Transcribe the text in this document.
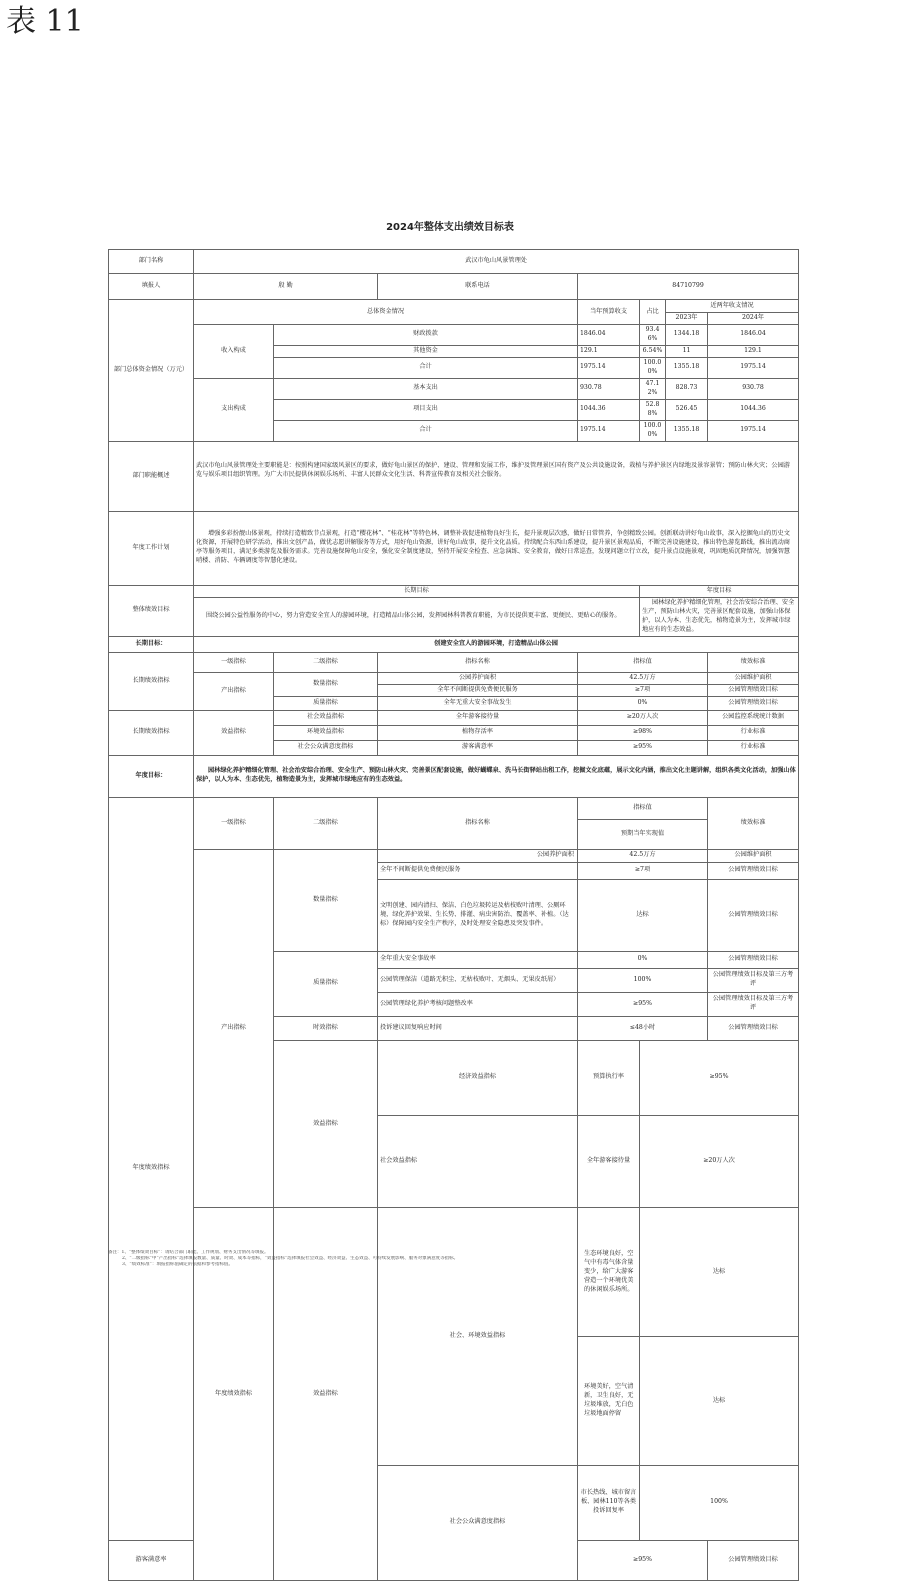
表 11
2024年整体支出绩效目标表
部门名称	武汉市龟山风景管理处							
填报人	殷 勤		联系电话	84710799				
部门总体资金情况（万元）	总体资金情况			当年预算收支	占比	近两年收支情况		
						2023年	2024年	
	收入构成	财政拨款		1846.04	93.46%	1344.18	1846.04	
		其他资金		129.1	6.54%	11	129.1	
		合计		1975.14	100.00%	1355.18	1975.14	
	支出构成	基本支出		930.78	47.12%	828.73	930.78	
		项目支出		1044.36	52.88%	526.45	1044.36	
		合计		1975.14	100.00%	1355.18	1975.14	
部门职能概述	武汉市龟山风景管理处主要职能是：按照构建国家级风景区的要求，做好龟山景区的保护、建设、管理和发展工作，维护及管理景区国有资产及公共设施设备，栽植与养护景区内绿地及景容景管；预防山林火灾；公园游览与娱乐项目组织管理。为广大市民提供休闲娱乐场所、丰富人民群众文化生活、科普宣传教育及相关社会服务。							
年度工作计划	增强多彩扮靓山体景观，持续打造精致节点景观，打造“樱花林”、“桂花林”等特色林，调整补栽促进植物良好生长，提升景观层次感，做好日常管养，争创精致公园。创新联动讲好龟山故事，深入挖掘龟山的历史文化资源，开展特色研学活动，推出文创产品，做优志愿讲解服务等方式，用好龟山资源，讲好龟山故事，提升文化品质。持续配合东西山系建设，提升景区景观品质，不断完善设施建设，推出特色游览路线，推出流动商亭等服务项目，满足多类游览及服务需求。完善设施保障龟山安全，强化安全制度建设，坚持开展安全检查、应急演练、安全教育，做好日常巡查，发现问题立行立改，提升景点设施景观，巩固地质沉降情况，加强智慧哨楼、消防、车辆调度等智慧化建设。							
整体绩效目标	长期目标				年度目标			
	围绕公园公益性服务的中心，努力营造安全宜人的游园环境，打造精品山体公园，发挥园林科普教育职能，为市民提供更丰富、更便民、更贴心的服务。				园林绿化养护精细化管理，社会治安综合治理、安全生产，预防山林火灾，完善景区配套设施，加强山体保护，以人为本、生态优先，植物造景为主，发挥城市绿地应有的生态效益。			
长期目标：	创建安全宜人的游园环境，打造精品山体公园							
长期绩效指标	一级指标	二级指标	指标名称	指标值			绩效标准	
	产出指标	数量指标	公园养护面积	42.5万方			公园维护面积	
			全年不间断提供免费便民服务	≥7项			公园管理绩效目标	
		质量指标	全年无重大安全事故发生	0%			公园管理绩效目标	
长期绩效指标	效益指标	社会效益指标	全年游客接待量	≥20万人次			公园监控系统统计数据	
		环境效益指标	植物存活率	≥98%			行业标准	
		社会公众满意度指标	游客满意率	≥95%			行业标准	
年度目标：	园林绿化养护精细化管理、社会治安综合治理、安全生产、预防山林火灾、完善景区配套设施，做好蝴蝶泉、洗马长街驿站出租工作，挖掘文化底蕴，展示文化内涵，推出文化主题讲解，组织各类文化活动，加强山体保护，以人为本、生态优先，植物造景为主，发挥城市绿地应有的生态效益。							
年度绩效指标	一级指标	二级指标	指标名称	指标值			绩效标准	
				预期当年实现值				
	产出指标	数量指标	公园养护面积	42.5万方			公园维护面积	
			全年不间断提供免费便民服务	≥7项			公园管理绩效目标	
			文明创建、园内清扫、保洁、白色垃圾转运及枯枝败叶清理、公厕环境，绿化养护效果、生长势、排灌、病虫害防治、覆盖率、补植。（达标）保障园内安全生产秩序，及时处理安全隐患及突发事件。	达标			公园管理绩效目标	
		质量指标	全年重大安全事故率	0%			公园管理绩效目标	
			公园管理保洁（道路无积尘、无枯枝败叶、无烟头、无果皮纸屑）	100%			公园管理绩效目标及第三方考评	
			公园管理绿化养护考核问题整改率	≥95%			公园管理绩效目标及第三方考评	
		时效指标	投诉建议回复响应时间	≤48小时			公园管理绩效目标	
		效益指标	经济效益指标	预算执行率	≥95%	
			社会效益指标	全年游客接待量	≥20万人次	
	年度绩效指标	效益指标	社会、环境效益指标	生态环境良好，空气中有毒气体含量变少，给广大游客营造一个环境优美的休闲娱乐场所。	达标	
				环境美好，空气清新，卫生良好，无垃圾堆放，无白色垃圾地面停留	达标	
			社会公众满意度指标	市长热线、城市留言板、园林110等各类投诉回复率	100%	
游客满意率				≥95%			公园管理绩效目标	
备注：1、“整体绩效目标”：请结合部门职能、工作规划、财务支出情况等填报。
2、“二级指标”中“产出指标”选择填报数量、质量、时效、成本等指标，“效益指标”选择填报社会效益、经济效益、生态效益、可持续发展影响、服务对象满意度等指标。
3、“绩效标准”：填报指标值确定的依据和参考指标值。
